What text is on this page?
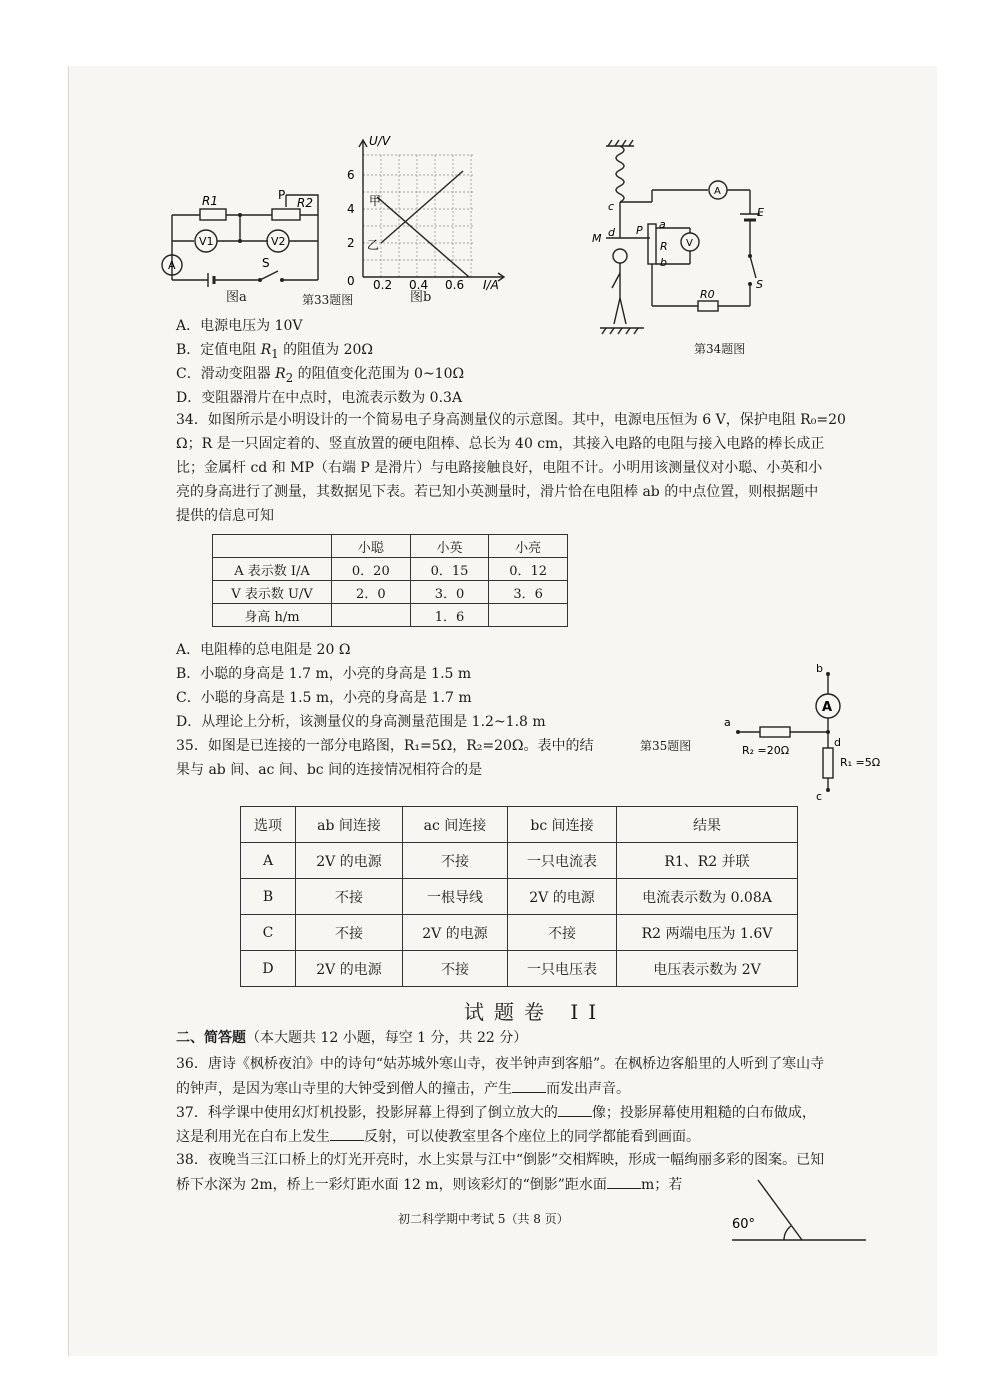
R1	P
R2
V1	V2
A	S
图a	第33题图
U/V
I/A
6
4
2
0 0.2 0.4 0.6
甲
乙
图b
c
a
M d P
R
b
E
S
R0
A
V
第34题图
A．电源电压为 10V
B．定值电阻 $R_1$ 的阻值为 20Ω
C．滑动变阻器 $R_2$ 的阻值变化范围为 0~10Ω
D．变阻器滑片在中点时，电流表示数为 0.3A
34．如图所示是小明设计的一个简易电子身高测量仪的示意图。其中，电源电压恒为 6 V，保护电阻 R₀=20
Ω；R 是一只固定着的、竖直放置的硬电阻棒、总长为 40 cm，其接入电路的电阻与接入电路的棒长成正
比；金属杆 cd 和 MP（右端 P 是滑片）与电路接触良好，电阻不计。小明用该测量仪对小聪、小英和小
亮的身高进行了测量，其数据见下表。若已知小英测量时，滑片恰在电阻棒 ab 的中点位置，则根据题中
提供的信息可知
	小聪	小英	小亮
A 表示数 I/A	0．20	0．15	0．12
V 表示数 U/V	2．0	3．0	3．6
身高 h/m		1．6	
A．电阻棒的总电阻是 20 Ω
B．小聪的身高是 1.7 m，小亮的身高是 1.5 m
C．小聪的身高是 1.5 m，小亮的身高是 1.7 m
D．从理论上分析，该测量仪的身高测量范围是 1.2~1.8 m
35．如图是已连接的一部分电路图，R₁=5Ω，R₂=20Ω。表中的结
果与 ab 间、ac 间、bc 间的连接情况相符合的是
第35题图
b
A
a
d
R₂ =20Ω
R₁ =5Ω
c
选项	ab 间连接	ac 间连接	bc 间连接	结果
A	2V 的电源	不接	一只电流表	R1、R2 并联
B	不接	一根导线	2V 的电源	电流表示数为 0.08A
C	不接	2V 的电源	不接	R2 两端电压为 1.6V
D	2V 的电源	不接	一只电压表	电压表示数为 2V
试题卷 II
二、简答题（本大题共 12 小题，每空 1 分，共 22 分）
36．唐诗《枫桥夜泊》中的诗句“姑苏城外寒山寺，夜半钟声到客船”。在枫桥边客船里的人听到了寒山寺
的钟声，是因为寒山寺里的大钟受到僧人的撞击，产生 而发出声音。
37．科学课中使用幻灯机投影，投影屏幕上得到了倒立放大的 像；投影屏幕使用粗糙的白布做成，
这是利用光在白布上发生 反射，可以使教室里各个座位上的同学都能看到画面。
38．夜晚当三江口桥上的灯光开亮时，水上实景与江中“倒影”交相辉映，形成一幅绚丽多彩的图案。已知
桥下水深为 2m，桥上一彩灯距水面 12 m，则该彩灯的“倒影”距水面 m；若
60°
初二科学期中考试 5（共 8 页）
